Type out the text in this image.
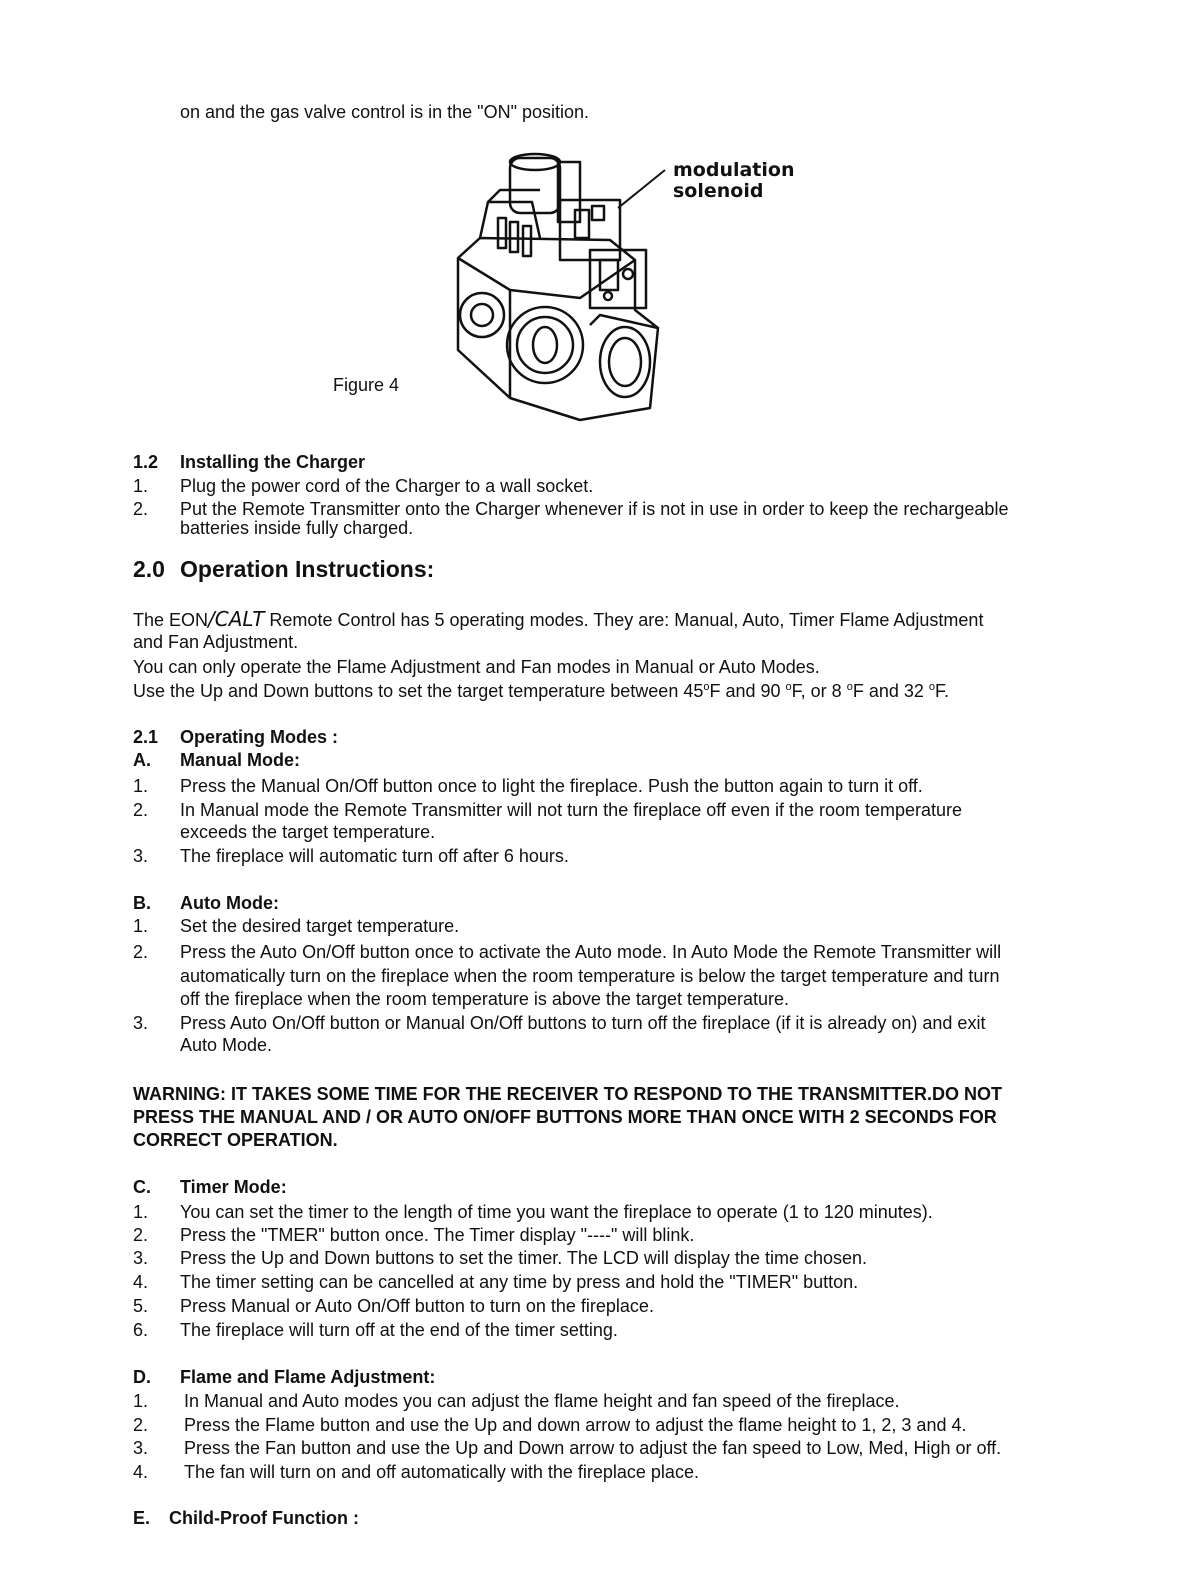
on and the gas valve control is in the "ON" position.
Figure 4
modulation
solenoid
1.2 Installing the Charger
1. Plug the power cord of the Charger to a wall socket.
2. Put the Remote Transmitter onto the Charger whenever if is not in use in order to keep the rechargeable
batteries inside fully charged.
2.0 Operation Instructions:
The EON/CALT Remote Control has 5 operating modes. They are: Manual, Auto, Timer Flame Adjustment
and Fan Adjustment.
You can only operate the Flame Adjustment and Fan modes in Manual or Auto Modes.
Use the Up and Down buttons to set the target temperature between 45$^o$F and 90 $^o$F, or 8 $^o$F and 32 $^o$F.
2.1 Operating Modes :
A. Manual Mode:
1. Press the Manual On/Off button once to light the fireplace. Push the button again to turn it off.
2. In Manual mode the Remote Transmitter will not turn the fireplace off even if the room temperature
exceeds the target temperature.
3. The fireplace will automatic turn off after 6 hours.
B. Auto Mode:
1. Set the desired target temperature.
2. Press the Auto On/Off button once to activate the Auto mode. In Auto Mode the Remote Transmitter will
automatically turn on the fireplace when the room temperature is below the target temperature and turn
off the fireplace when the room temperature is above the target temperature.
3. Press Auto On/Off button or Manual On/Off buttons to turn off the fireplace (if it is already on) and exit
Auto Mode.
WARNING: IT TAKES SOME TIME FOR THE RECEIVER TO RESPOND TO THE TRANSMITTER.DO NOT
PRESS THE MANUAL AND / OR AUTO ON/OFF BUTTONS MORE THAN ONCE WITH 2 SECONDS FOR
CORRECT OPERATION.
C. Timer Mode:
1. You can set the timer to the length of time you want the fireplace to operate (1 to 120 minutes).
2. Press the "TMER" button once. The Timer display "----" will blink.
3. Press the Up and Down buttons to set the timer. The LCD will display the time chosen.
4. The timer setting can be cancelled at any time by press and hold the "TIMER" button.
5. Press Manual or Auto On/Off button to turn on the fireplace.
6. The fireplace will turn off at the end of the timer setting.
D. Flame and Flame Adjustment:
1. In Manual and Auto modes you can adjust the flame height and fan speed of the fireplace.
2. Press the Flame button and use the Up and down arrow to adjust the flame height to 1, 2, 3 and 4.
3. Press the Fan button and use the Up and Down arrow to adjust the fan speed to Low, Med, High or off.
4. The fan will turn on and off automatically with the fireplace place.
E. Child-Proof Function :
